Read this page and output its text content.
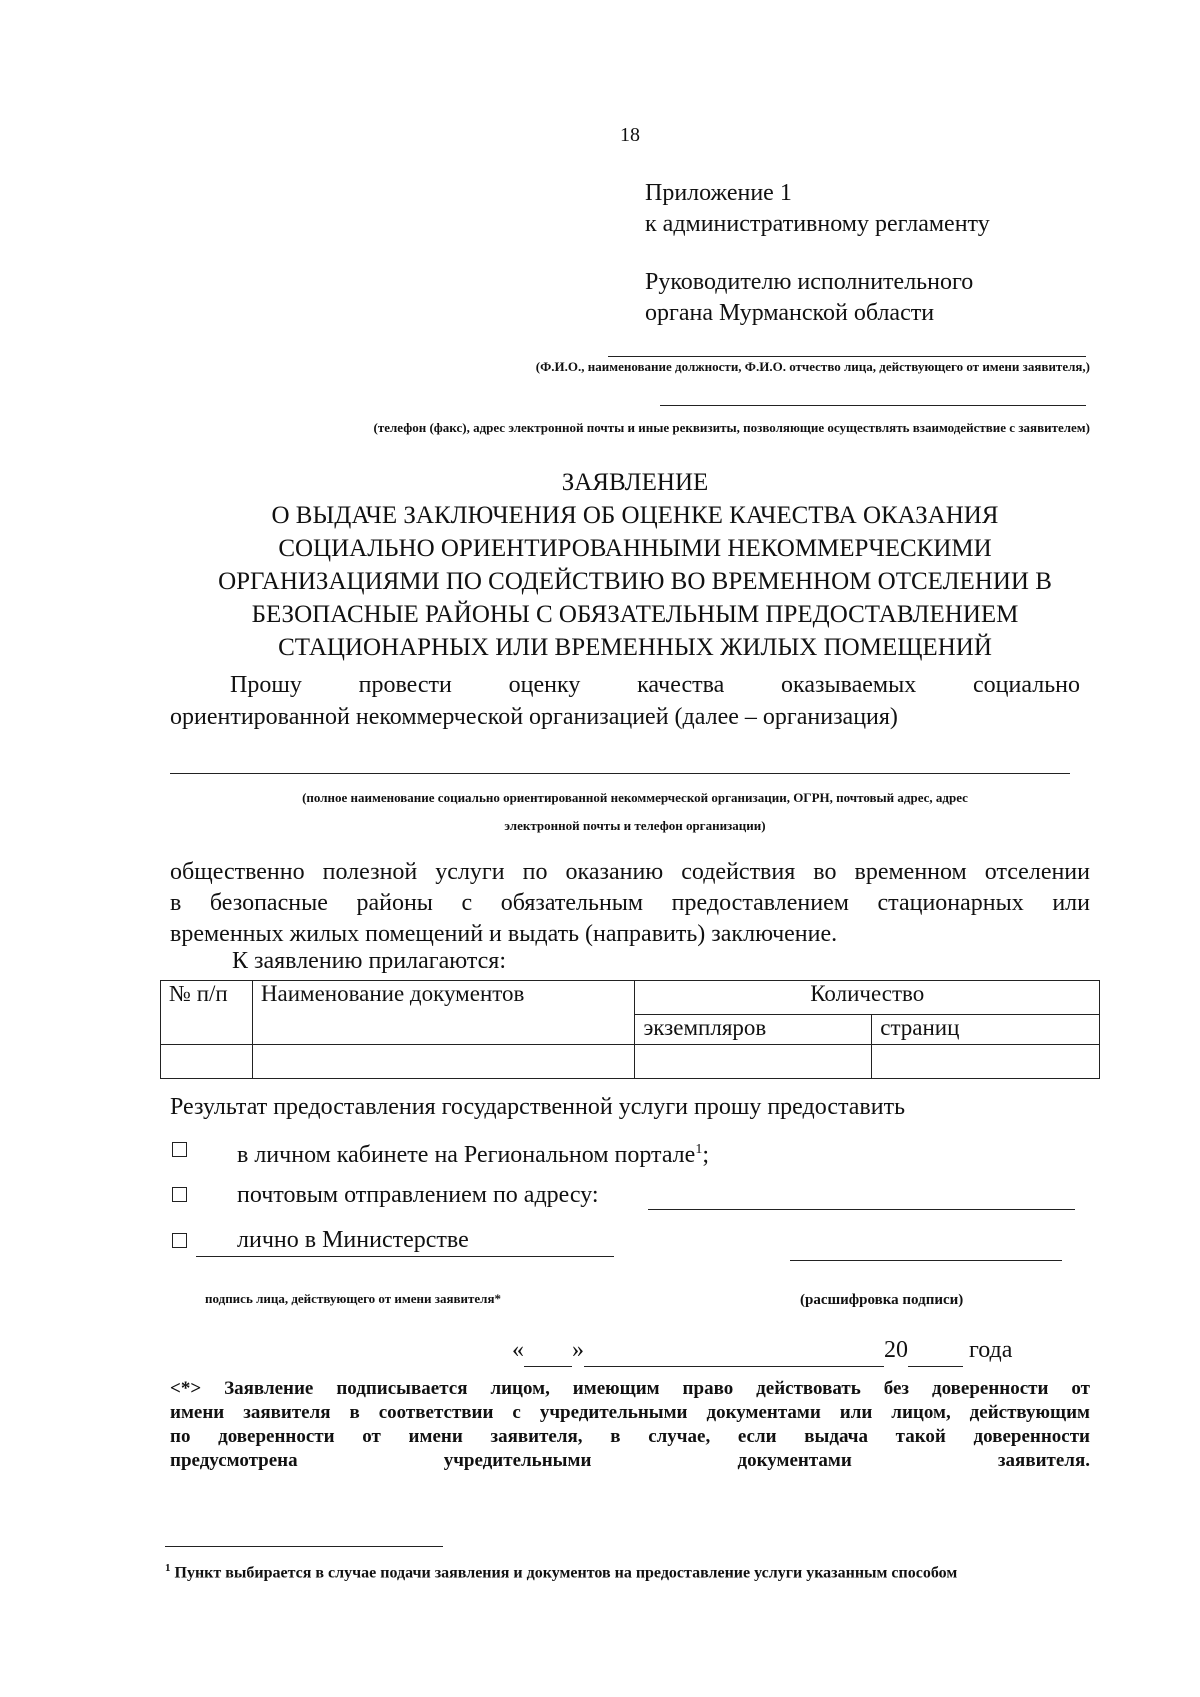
18
Приложение 1
к административному регламенту
Руководителю исполнительного
органа Мурманской области
(Ф.И.О., наименование должности, Ф.И.О. отчество лица, действующего от имени заявителя,)
(телефон (факс), адрес электронной почты и иные реквизиты, позволяющие осуществлять взаимодействие с заявителем)
ЗАЯВЛЕНИЕ
О ВЫДАЧЕ ЗАКЛЮЧЕНИЯ ОБ ОЦЕНКЕ КАЧЕСТВА ОКАЗАНИЯ
СОЦИАЛЬНО ОРИЕНТИРОВАННЫМИ НЕКОММЕРЧЕСКИМИ
ОРГАНИЗАЦИЯМИ ПО СОДЕЙСТВИЮ ВО ВРЕМЕННОМ ОТСЕЛЕНИИ В
БЕЗОПАСНЫЕ РАЙОНЫ С ОБЯЗАТЕЛЬНЫМ ПРЕДОСТАВЛЕНИЕМ
СТАЦИОНАРНЫХ ИЛИ ВРЕМЕННЫХ ЖИЛЫХ ПОМЕЩЕНИЙ
Прошу провести оценку качества оказываемых социально
ориентированной некоммерческой организацией (далее – организация)
(полное наименование социально ориентированной некоммерческой организации, ОГРН, почтовый адрес, адрес
электронной почты и телефон организации)
общественно полезной услуги по оказанию содействия во временном отселении
в безопасные районы с обязательным предоставлением стационарных или
временных жилых помещений и выдать (направить) заключение.
К заявлению прилагаются:
№ п/п	Наименование документов	Количество	
		экземпляров	страниц

Результат предоставления государственной услуги прошу предоставить
в личном кабинете на Региональном портале$^1$;
почтовым отправлением по адресу:
лично в Министерстве
подпись лица, действующего от имени заявителя*	(расшифровка подписи)
« »	20	года
<*> Заявление подписывается лицом, имеющим право действовать без доверенности от
имени заявителя в соответствии с учредительными документами или лицом, действующим
по доверенности от имени заявителя, в случае, если выдача такой доверенности
предусмотрена учредительными документами заявителя.
$^1$ Пункт выбирается в случае подачи заявления и документов на предоставление услуги указанным способом
